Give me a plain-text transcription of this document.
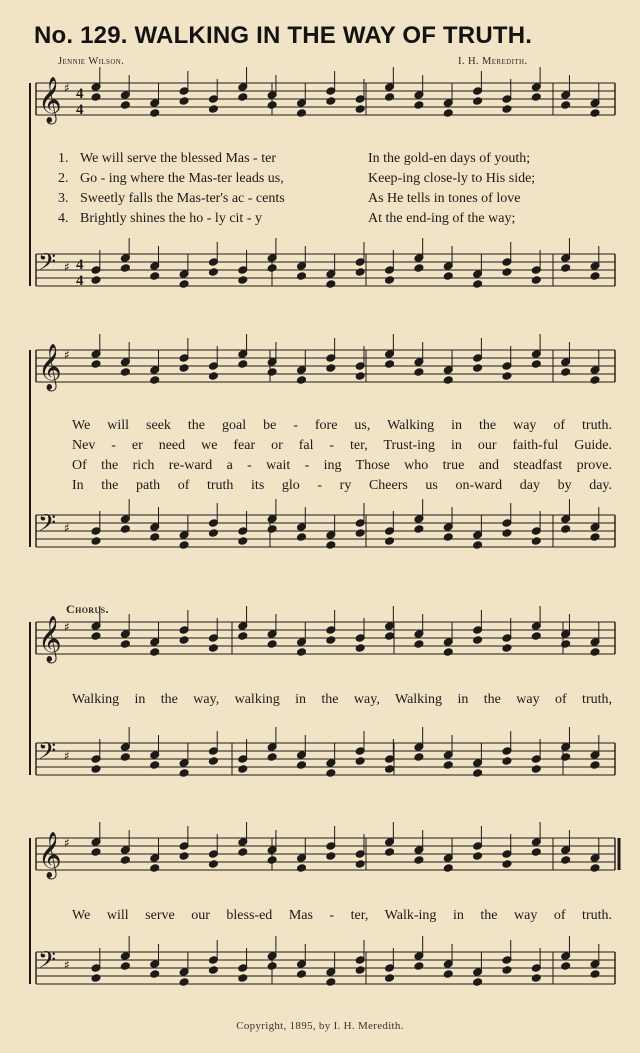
No. 129. WALKING IN THE WAY OF TRUTH.
Jennie Wilson.	I. H. Meredith.
𝄞 ♯ 4
4
𝄢 ♯ 4
4
𝄞 ♯
𝄢 ♯
𝄞 ♯
𝄢 ♯
𝄞 ♯
𝄢 ♯
1. We will serve the blessed Mas - ter	In the gold-en days of youth;
2. Go - ing where the Mas-ter leads us,	Keep-ing close-ly to His side;
3. Sweetly falls the Mas-ter's ac - cents	As He tells in tones of love
4. Brightly shines the ho - ly cit - y	At the end-ing of the way;
We will seek the goal be - fore us, Walking in the way of truth.
Nev - er need we fear or fal - ter, Trust-ing in our faith-ful Guide.
Of the rich re-ward a - wait - ing Those who true and steadfast prove.
In the path of truth its glo - ry Cheers us on-ward day by day.
Chorus.
Walking in the way, walking in the way, Walking in the way of truth,
We will serve our bless-ed Mas - ter, Walk-ing in the way of truth.
Copyright, 1895, by I. H. Meredith.
